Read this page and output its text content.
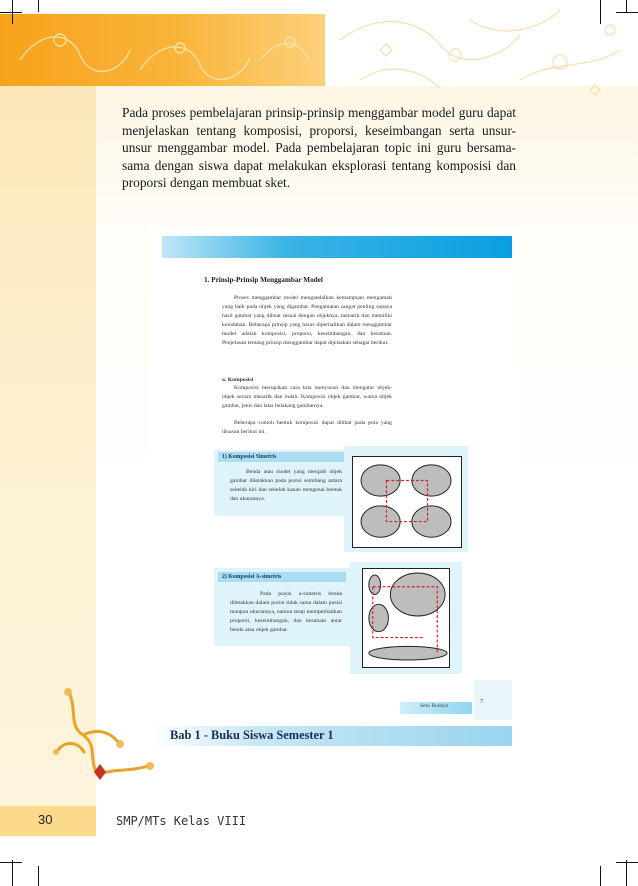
Pada proses pembelajaran prinsip-prinsip menggambar model guru dapat menjelaskan tentang komposisi, proporsi, keseimbangan serta unsur-unsur menggambar model. Pada pembelajaran topic ini guru bersama-sama dengan siswa dapat melakukan eksplorasi tentang komposisi dan proporsi dengan membuat sket.

1. Prinsip-Prinsip Menggambar Model

Proses menggambar model mengandalkan kemampuan mengamati yang baik pada objek yang digambar. Pengamatan sangat penting supaya hasil gambar yang dibuat sesuai dengan objeknya, menarik dan memiliki keindahan. Beberapa prinsip yang harus diperhatikan dalam menggambar model adalah komposisi, proporsi, keseimbangan, dan kesatuan. Penjelasan tentang prinsip menggambar dapat dijelaskan sebagai berikut.

a. Komposisi

Komposisi merupakan cara kita menyusun dan mengatur objek-objek secara menarik dan indah. Komposisi objek gambar, warna objek gambar, jenis dan latar belakang gambarnya.

Beberapa contoh bentuk komposisi dapat dilihat pada pola yang disusun berikut ini.

1) Komposisi Simetris

Benda atau model yang menjadi objek gambar diletakkan pada posisi seimbang antara sebelah kiri dan sebelah kanan mengenai bentuk dan ukurannya.

2) Komposisi A-simetris

Pada posisi a-simetris benda diletakkan dalam posisi tidak sama dalam posisi maupun ukurannya, namun tetap memperhatikan proporsi, keseimbangan, dan kesatuan antar benda atau objek gambar.

Seni Budaya
7
Bab 1 - Buku Siswa Semester 1
30	SMP/MTs Kelas VIII
